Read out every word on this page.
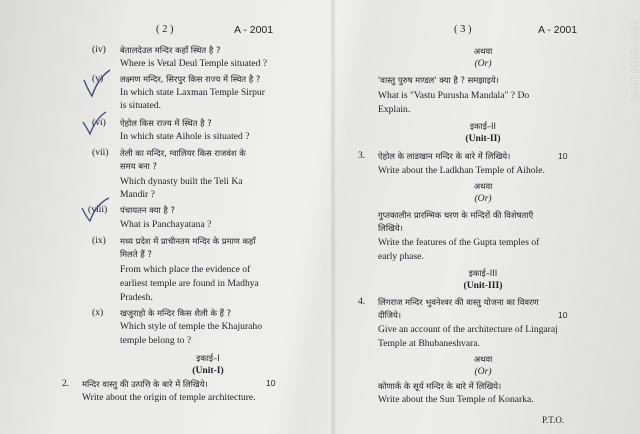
( 2 )	A - 2001
(iv) बेतालदेउल मन्दिर कहाँ स्थित है ?
Where is Vetal Deul Temple situated ?
(v) लक्ष्मण मन्दिर, सिरपुर किस राज्य में स्थित है ?
In which state Laxman Temple Sirpur
is situated.
(vi) ऐहोल किस राज्य में स्थित है ?
In which state Aihole is situated ?
(vii) तेली का मन्दिर, ग्वालियर किस राजवंश के
समय बना ?
Which dynasty built the Teli Ka
Mandir ?
(viii) पंचायतन क्या है ?
What is Panchayatana ?
(ix) मध्य प्रदेश में प्राचीनतम मन्दिर के प्रमाण कहाँ
मिलते हैं ?
From which place the evidence of
earliest temple are found in Madhya
Pradesh.
(x) खजुराहो के मन्दिर किस शैली के हैं ?
Which style of temple the Khajuraho
temple belong to ?
इकाई–I
(Unit-I)
2. मन्दिर वास्तु की उत्पत्ति के बारे में लिखिये।	10
Write about the origin of temple architecture.
( 3 )	A - 2001
अथवा
(Or)
'वास्तु पुरुष मण्डल' क्या है ? समझाइये।
What is "Vastu Purusha Mandala" ? Do
Explain.
इकाई–II
(Unit-II)
3. ऐहोल के लाडखान मन्दिर के बारे में लिखिये।	10
Write about the Ladkhan Temple of Aihole.
अथवा
(Or)
गुप्तकालीन प्रारम्भिक चरण के मन्दिरों की विशेषताएँ
लिखिये।
Write the features of the Gupta temples of
early phase.
इकाई–III
(Unit-III)
4. लिंगराज मन्दिर भुवनेश्वर की वास्तु योजना का विवरण
दीजिये।	10
Give an account of the architecture of Lingaraj
Temple at Bhubaneshvara.
अथवा
(Or)
कोणार्क के सूर्य मन्दिर के बारे में लिखिये।
Write about the Sun Temple of Konarka.
P.T.O.
09/07/2023 10:09
